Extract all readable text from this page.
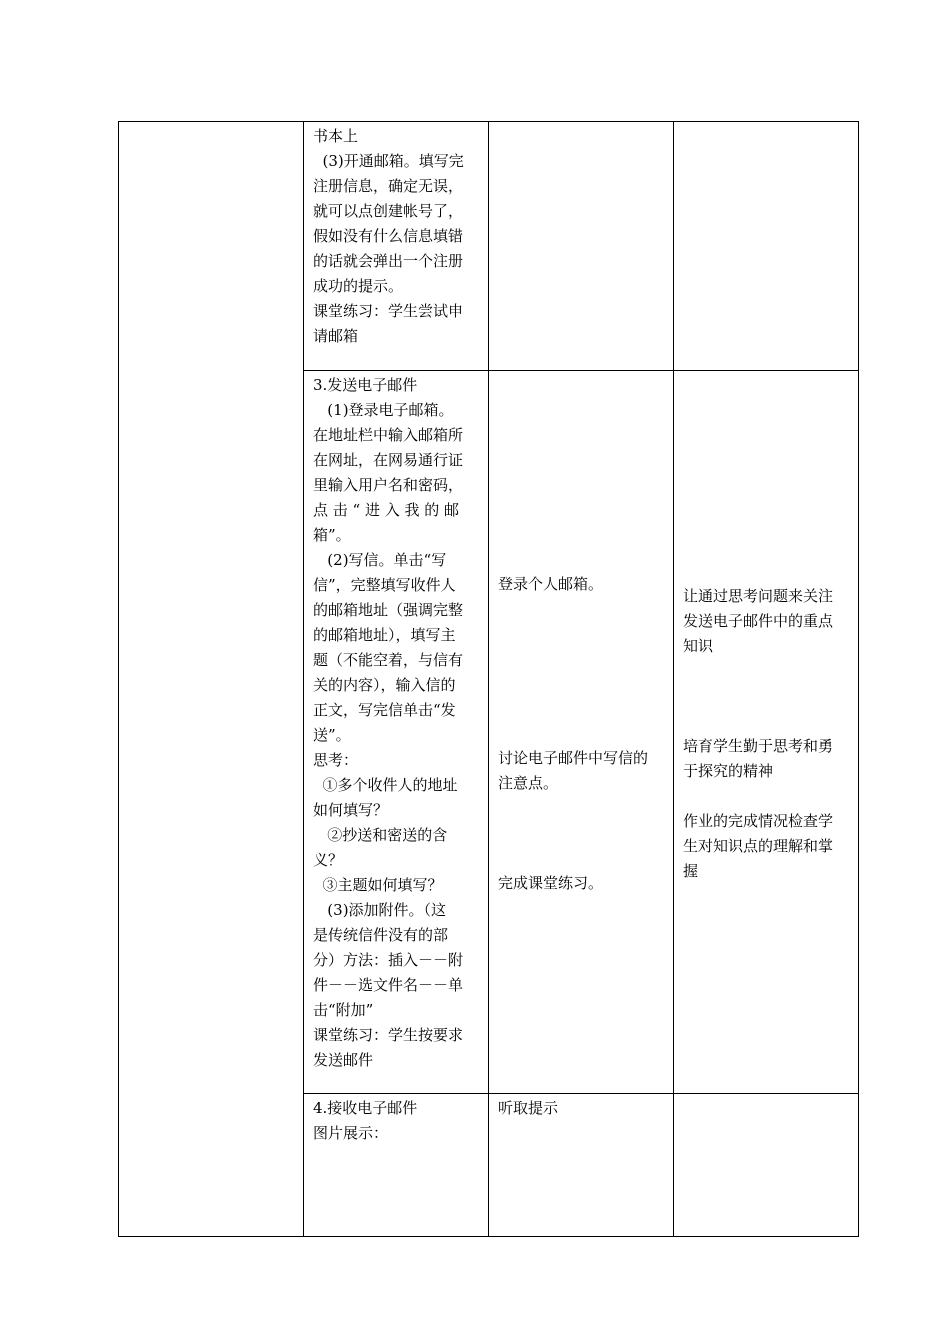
书本上
(3)开通邮箱。填写完
注册信息，确定无误，
就可以点创建帐号了，
假如没有什么信息填错
的话就会弹出一个注册
成功的提示。
课堂练习：学生尝试申
请邮箱
3.发送电子邮件
(1)登录电子邮箱。
在地址栏中输入邮箱所
在网址，在网易通行证
里输入用户名和密码，
点 击 “ 进 入 我 的 邮
箱”。
(2)写信。单击“写
信”，完整填写收件人
的邮箱地址（强调完整
的邮箱地址），填写主
题（不能空着，与信有
关的内容），输入信的
正文，写完信单击“发
送”。
思考：
①多个收件人的地址
如何填写？
②抄送和密送的含
义？
③主题如何填写？
(3)添加附件。（这
是传统信件没有的部
分）方法：插入－－附
件－－选文件名－－单
击“附加”
课堂练习：学生按要求
发送邮件
登录个人邮箱。
讨论电子邮件中写信的
注意点。
完成课堂练习。
让通过思考问题来关注
发送电子邮件中的重点
知识
培育学生勤于思考和勇
于探究的精神
作业的完成情况检查学
生对知识点的理解和掌
握
4.接收电子邮件
图片展示：
听取提示
